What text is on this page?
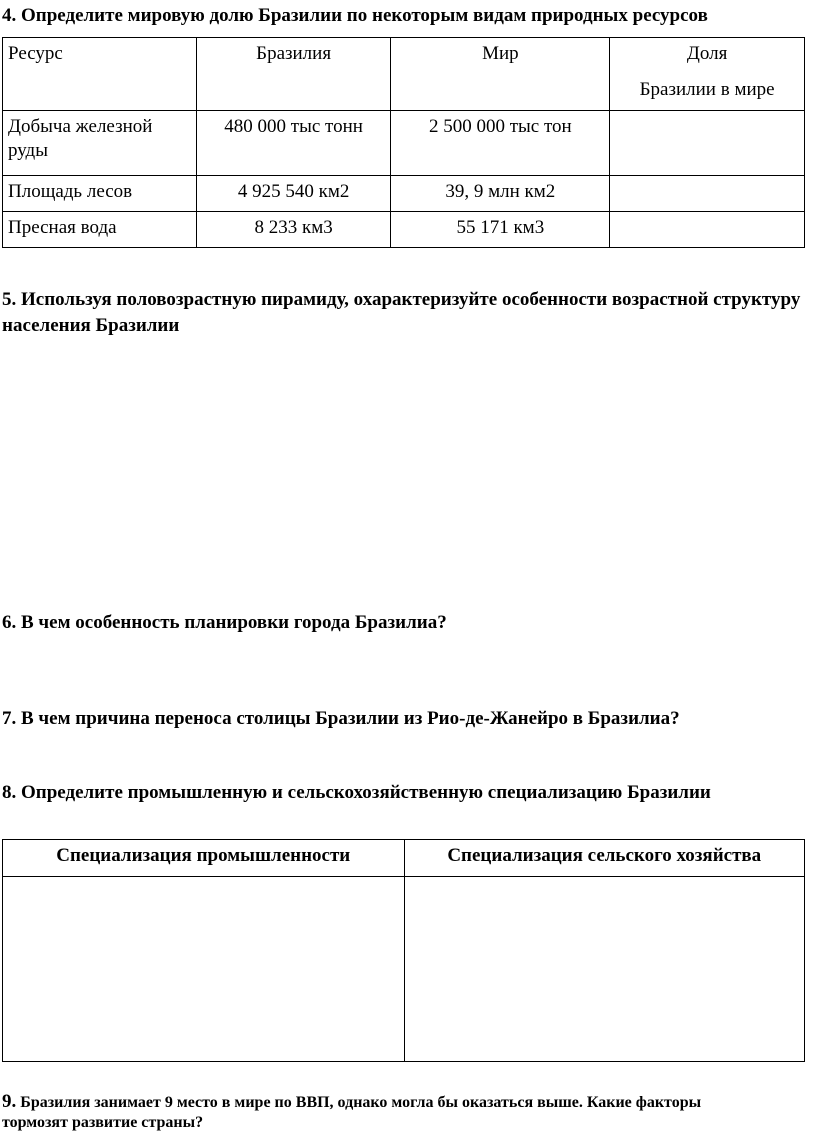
4. Определите мировую долю Бразилии по некоторым видам природных ресурсов

Ресурс	Бразилия	Мир	Доля
Бразилии в мире

Добыча железной руды	480 000 тыс тонн	2 500 000 тыс тон	
Площадь лесов	4 925 540 км2	39, 9 млн км2	
Пресная вода	8 233 км3	55 171 км3	

5. Используя половозрастную пирамиду, охарактеризуйте особенности возрастной структуру населения Бразилии

6. В чем особенность планировки города Бразилиа?

7. В чем причина переноса столицы Бразилии из Рио-де-Жанейро в Бразилиа?

8. Определите промышленную и сельскохозяйственную специализацию Бразилии

Специализация промышленности	Специализация сельского хозяйства

9. Бразилия занимает 9 место в мире по ВВП, однако могла бы оказаться выше. Какие факторы тормозят развитие страны?
